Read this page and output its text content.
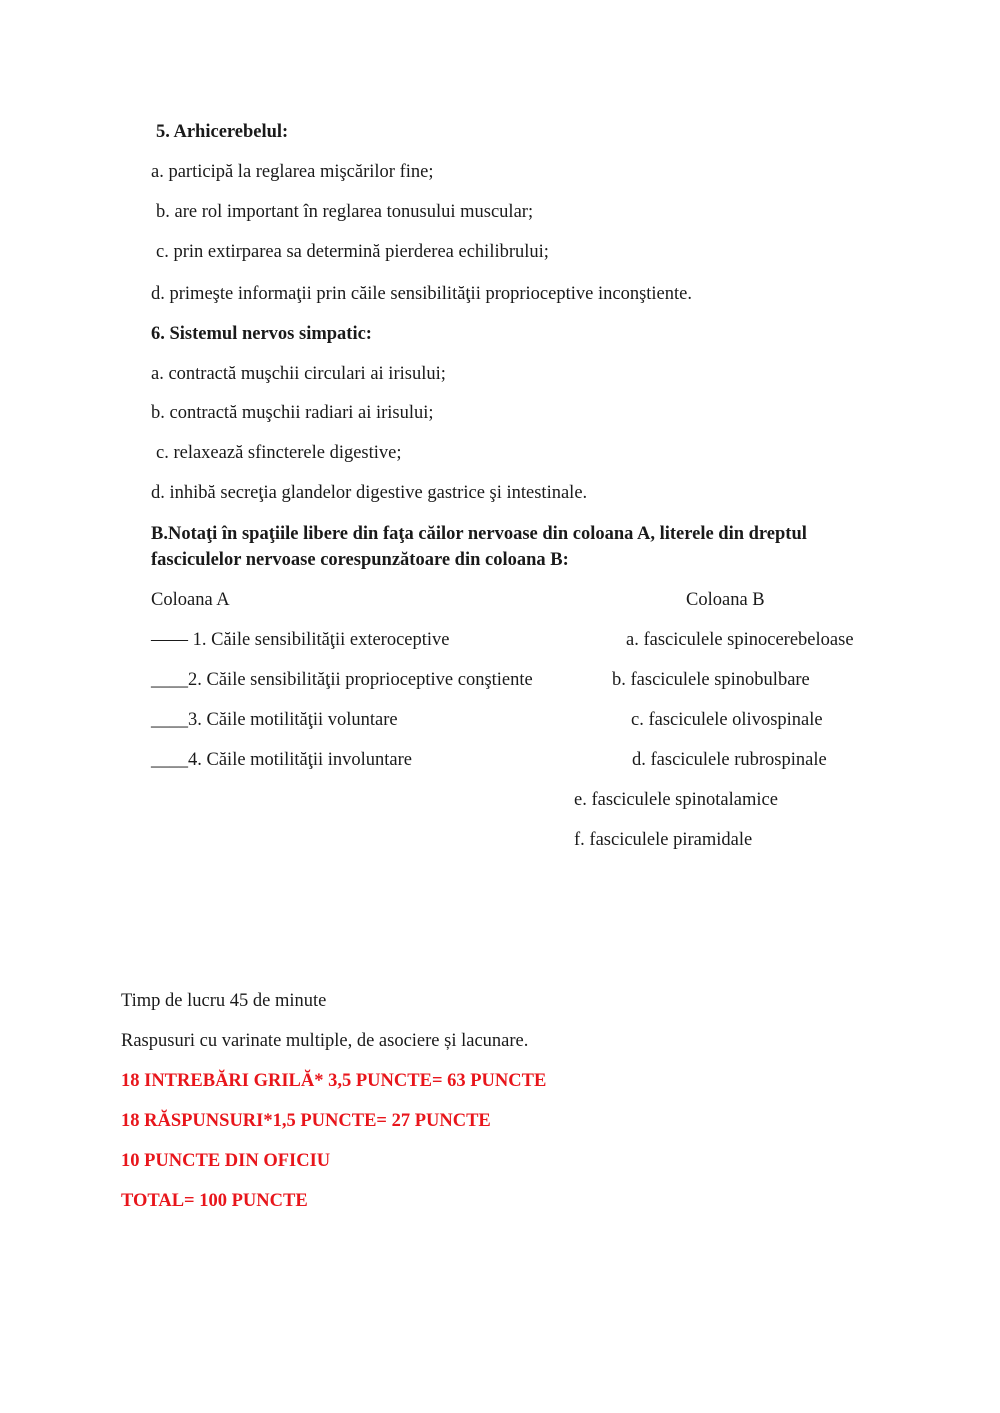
5. Arhicerebelul:
a. participă la reglarea mişcărilor fine;
b. are rol important în reglarea tonusului muscular;
c. prin extirparea sa determină pierderea echilibrului;
d. primeşte informaţii prin căile sensibilităţii proprioceptive inconştiente.
6. Sistemul nervos simpatic:
a. contractă muşchii circulari ai irisului;
b. contractă muşchii radiari ai irisului;
c. relaxează sfincterele digestive;
d. inhibă secreţia glandelor digestive gastrice şi intestinale.
B.Notaţi în spaţiile libere din faţa căilor nervoase din coloana A, literele din dreptul
fasciculelor nervoase corespunzătoare din coloana B:
Coloana A	Coloana B
—— 1. Căile sensibilităţii exteroceptive
____2. Căile sensibilităţii proprioceptive conştiente
____3. Căile motilităţii voluntare
____4. Căile motilităţii involuntare
a. fasciculele spinocerebeloase
b. fasciculele spinobulbare
c. fasciculele olivospinale
d. fasciculele rubrospinale
e. fasciculele spinotalamice
f. fasciculele piramidale
Timp de lucru 45 de minute
Raspusuri cu varinate multiple, de asociere și lacunare.
18 INTREBĂRI GRILĂ* 3,5 PUNCTE= 63 PUNCTE
18 RĂSPUNSURI*1,5 PUNCTE= 27 PUNCTE
10 PUNCTE DIN OFICIU
TOTAL= 100 PUNCTE
